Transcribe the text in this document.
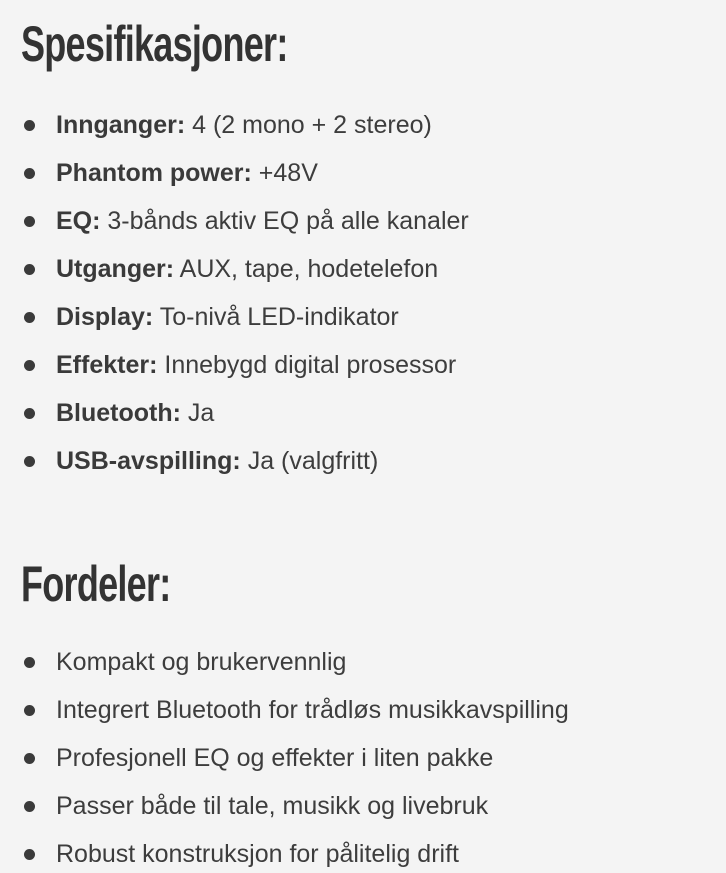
Spesifikasjoner:
Innganger: 4 (2 mono + 2 stereo)
Phantom power: +48V
EQ: 3-bånds aktiv EQ på alle kanaler
Utganger: AUX, tape, hodetelefon
Display: To-nivå LED-indikator
Effekter: Innebygd digital prosessor
Bluetooth: Ja
USB-avspilling: Ja (valgfritt)
Fordeler:
Kompakt og brukervennlig
Integrert Bluetooth for trådløs musikkavspilling
Profesjonell EQ og effekter i liten pakke
Passer både til tale, musikk og livebruk
Robust konstruksjon for pålitelig drift
